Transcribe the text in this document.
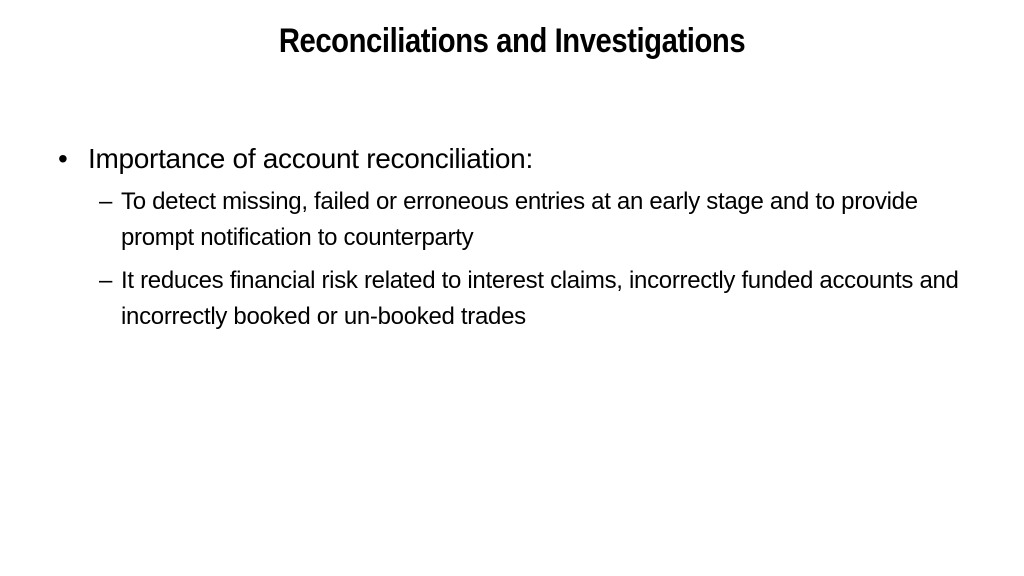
Reconciliations and Investigations
• Importance of account reconciliation:
– To detect missing, failed or erroneous entries at an early stage and to provide prompt notification to counterparty
– It reduces financial risk related to interest claims, incorrectly funded accounts and incorrectly booked or un-booked trades
